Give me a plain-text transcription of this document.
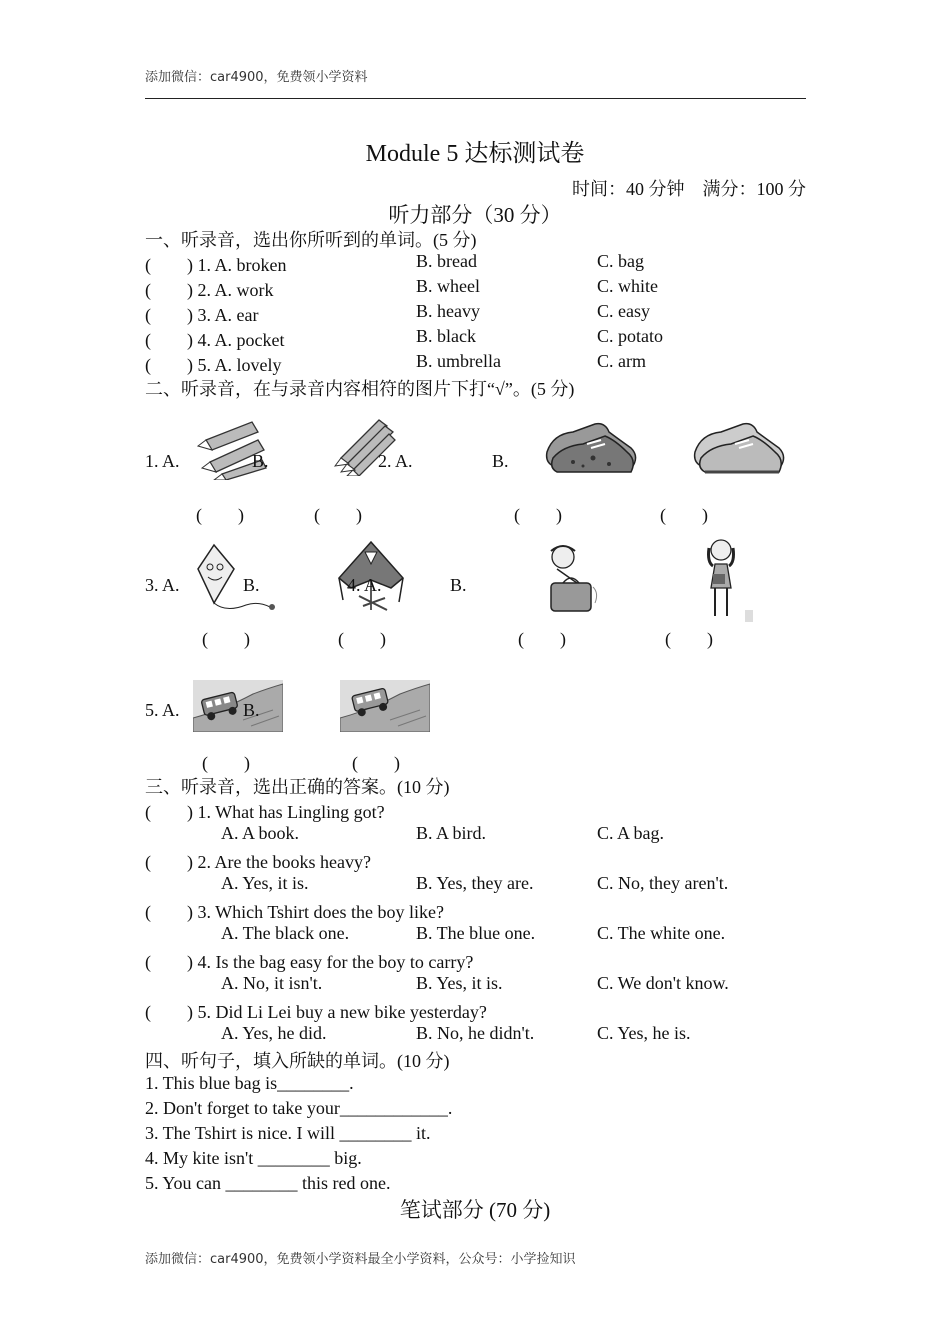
添加微信：car4900，免费领小学资料
Module 5 达标测试卷
时间：40 分钟　满分：100 分
听力部分（30 分）
一、听录音，选出你所听到的单词。(5 分)
(　　) 1. A. broken	B. bread	C. bag
(　　) 2. A. work	B. wheel	C. white
(　　) 3. A. ear	B. heavy	C. easy
(　　) 4. A. pocket	B. black	C. potato
(　　) 5. A. lovely	B. umbrella	C. arm
二、听录音，在与录音内容相符的图片下打“√”。(5 分)
1. A.	B.	2. A.	B.
(　　)	(　　)	(　　)	(　　)
3. A.	B.	4. A.	B.
(　　)	(　　)	(　　)	(　　)
5. A.	B.
(　　)	(　　)
三、听录音，选出正确的答案。(10 分)
(　　) 1. What has Lingling got?
A. A book.	B. A bird.	C. A bag.
(　　) 2. Are the books heavy?
A. Yes, it is.	B. Yes, they are.	C. No, they aren't.
(　　) 3. Which Tshirt does the boy like?
A. The black one.	B. The blue one.	C. The white one.
(　　) 4. Is the bag easy for the boy to carry?
A. No, it isn't.	B. Yes, it is.	C. We don't know.
(　　) 5. Did Li Lei buy a new bike yesterday?
A. Yes, he did.	B. No, he didn't.	C. Yes, he is.
四、听句子，填入所缺的单词。(10 分)
1. This blue bag is________.
2. Don't forget to take your____________.
3. The Tshirt is nice. I will ________ it.
4. My kite isn't ________ big.
5. You can ________ this red one.
笔试部分 (70 分)
添加微信：car4900，免费领小学资料最全小学资料，公众号：小学捡知识
